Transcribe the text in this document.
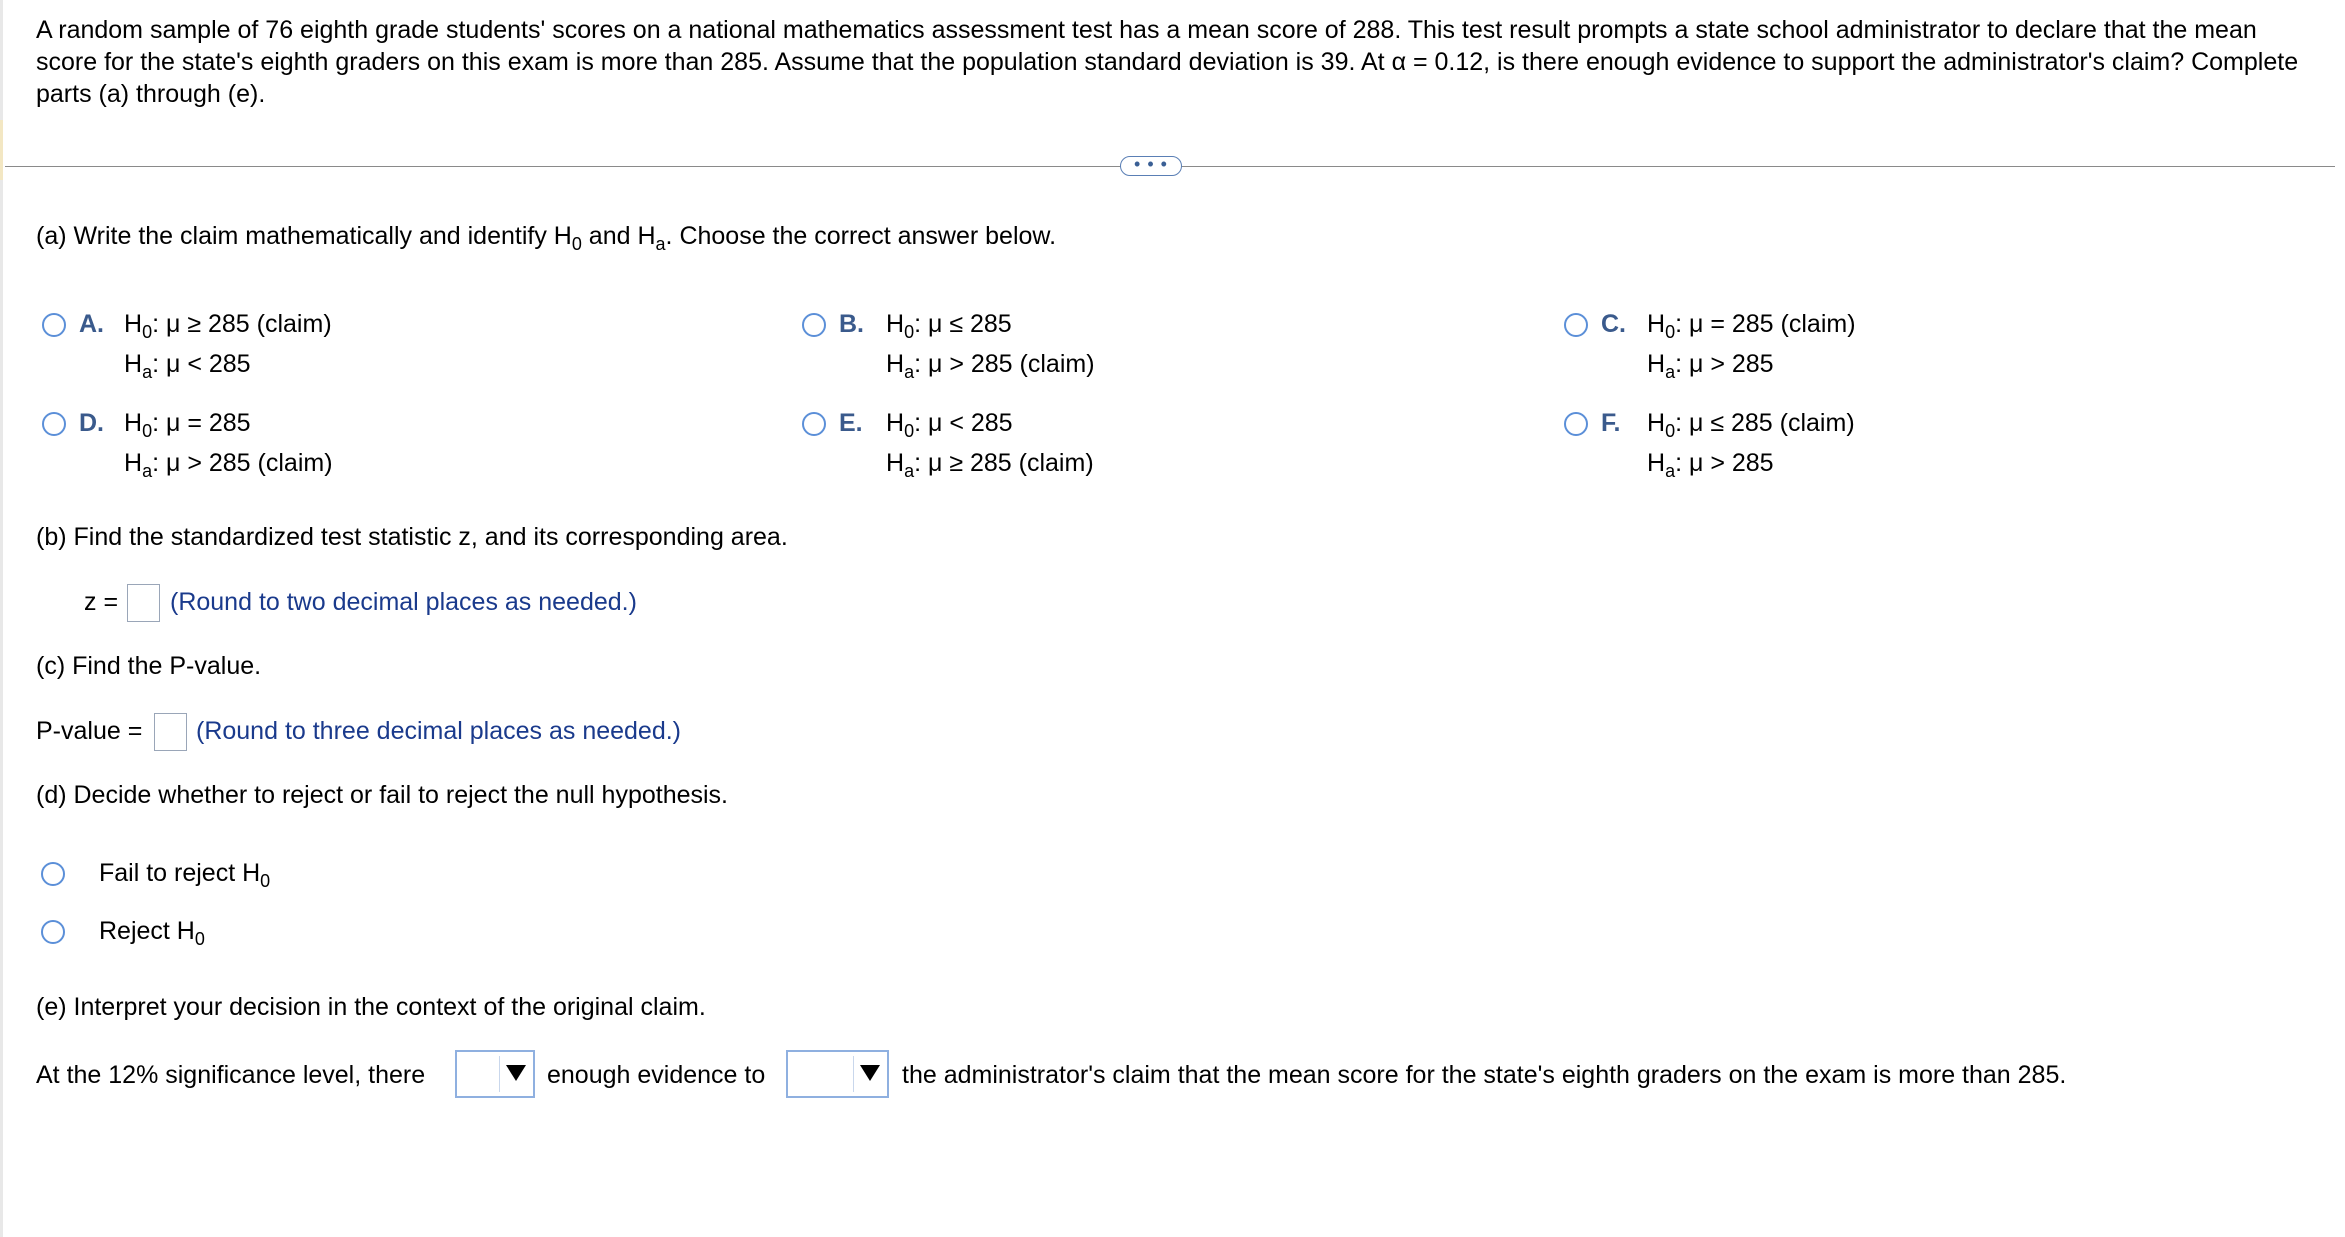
A random sample of 76 eighth grade students' scores on a national mathematics assessment test has a mean score of 288. This test result prompts a state school administrator to declare that the mean score for the state's eighth graders on this exam is more than 285. Assume that the population standard deviation is 39. At α = 0.12, is there enough evidence to support the administrator's claim? Complete parts (a) through (e).
• • •
(a) Write the claim mathematically and identify $H_0$ and $H_a$. Choose the correct answer below.
A. $H_0$: μ ≥ 285 (claim)
$H_a$: μ < 285
B. $H_0$: μ ≤ 285
$H_a$: μ > 285 (claim)
C. $H_0$: μ = 285 (claim)
$H_a$: μ > 285
D. $H_0$: μ = 285
$H_a$: μ > 285 (claim)
E. $H_0$: μ < 285
$H_a$: μ ≥ 285 (claim)
F. $H_0$: μ ≤ 285 (claim)
$H_a$: μ > 285
(b) Find the standardized test statistic z, and its corresponding area.
z = (Round to two decimal places as needed.)
(c) Find the P-value.
P-value = (Round to three decimal places as needed.)
(d) Decide whether to reject or fail to reject the null hypothesis.
Fail to reject $H_0$
Reject $H_0$
(e) Interpret your decision in the context of the original claim.
At the 12% significance level, there	enough evidence to	the administrator's claim that the mean score for the state's eighth graders on the exam is more than 285.
